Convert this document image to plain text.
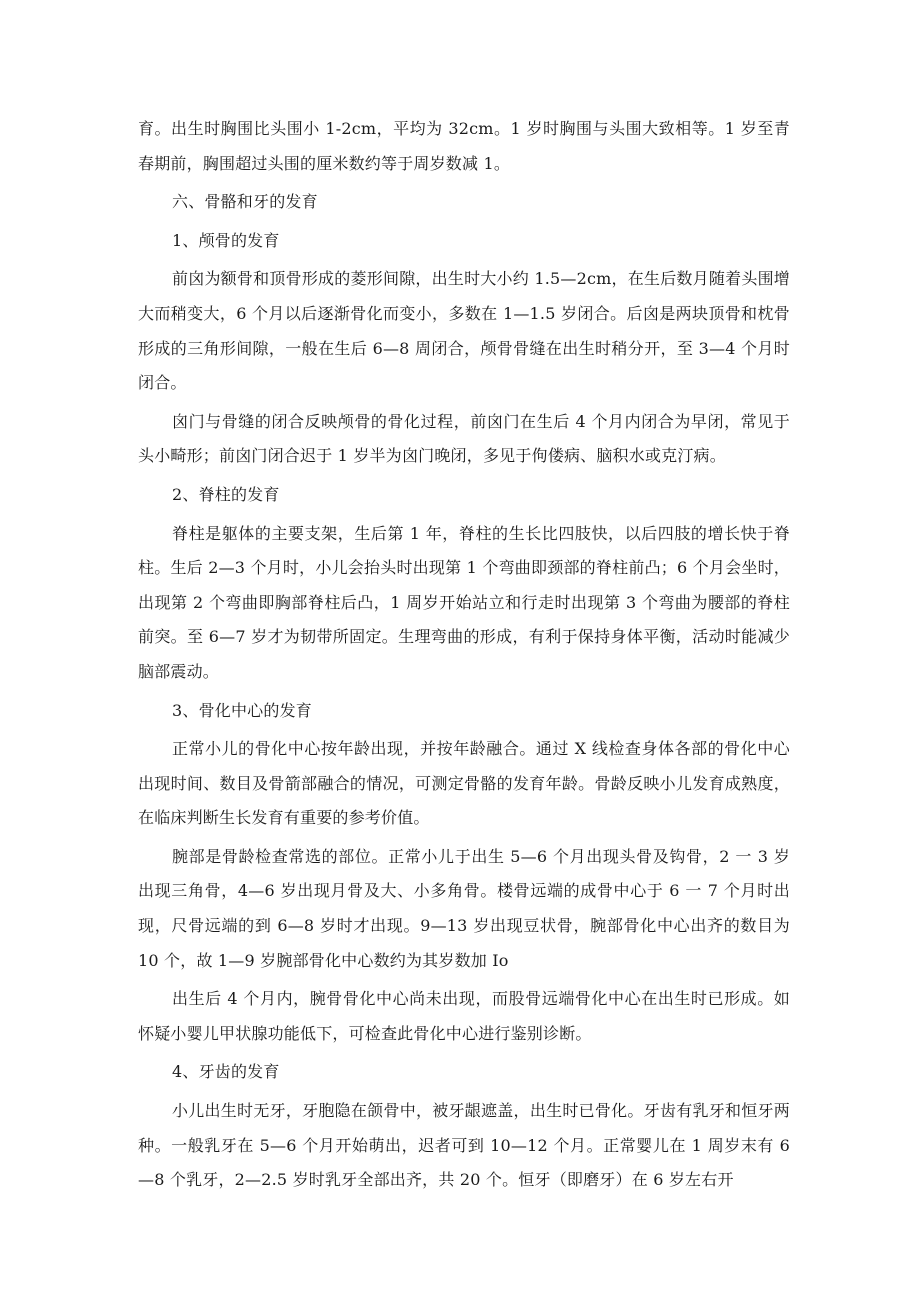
育。出生时胸围比头围小 1-2cm，平均为 32cm。1 岁时胸围与头围大致相等。1 岁至青春期前，胸围超过头围的厘米数约等于周岁数减 1。

六、骨骼和牙的发育

1、颅骨的发育

前囟为额骨和顶骨形成的菱形间隙，出生时大小约 1.5—2cm，在生后数月随着头围增大而稍变大，6 个月以后逐渐骨化而变小，多数在 1—1.5 岁闭合。后囟是两块顶骨和枕骨形成的三角形间隙，一般在生后 6—8 周闭合，颅骨骨缝在出生时稍分开，至 3—4 个月时闭合。

囟门与骨缝的闭合反映颅骨的骨化过程，前囟门在生后 4 个月内闭合为早闭，常见于头小畸形；前囟门闭合迟于 1 岁半为囟门晚闭，多见于佝偻病、脑积水或克汀病。

2、脊柱的发育

脊柱是躯体的主要支架，生后第 1 年，脊柱的生长比四肢快，以后四肢的增长快于脊柱。生后 2—3 个月时，小儿会抬头时出现第 1 个弯曲即颈部的脊柱前凸；6 个月会坐时，出现第 2 个弯曲即胸部脊柱后凸，1 周岁开始站立和行走时出现第 3 个弯曲为腰部的脊柱前突。至 6—7 岁才为韧带所固定。生理弯曲的形成，有利于保持身体平衡，活动时能减少脑部震动。

3、骨化中心的发育

正常小儿的骨化中心按年龄出现，并按年龄融合。通过 X 线检查身体各部的骨化中心出现时间、数目及骨箭部融合的情况，可测定骨骼的发育年龄。骨龄反映小儿发育成熟度，在临床判断生长发育有重要的参考价值。

腕部是骨龄检查常选的部位。正常小儿于出生 5—6 个月出现头骨及钩骨，2 一 3 岁出现三角骨，4—6 岁出现月骨及大、小多角骨。楼骨远端的成骨中心于 6 一 7 个月时出现，尺骨远端的到 6—8 岁时才出现。9—13 岁出现豆状骨，腕部骨化中心出齐的数目为 10 个，故 1—9 岁腕部骨化中心数约为其岁数加 Io

出生后 4 个月内，腕骨骨化中心尚未出现，而股骨远端骨化中心在出生时已形成。如怀疑小婴儿甲状腺功能低下，可检查此骨化中心进行鉴别诊断。

4、牙齿的发育

小儿出生时无牙，牙胞隐在颌骨中，被牙龈遮盖，出生时已骨化。牙齿有乳牙和恒牙两种。一般乳牙在 5—6 个月开始萌出，迟者可到 10—12 个月。正常婴儿在 1 周岁末有 6—8 个乳牙，2—2.5 岁时乳牙全部出齐，共 20 个。恒牙（即磨牙）在 6 岁左右开
